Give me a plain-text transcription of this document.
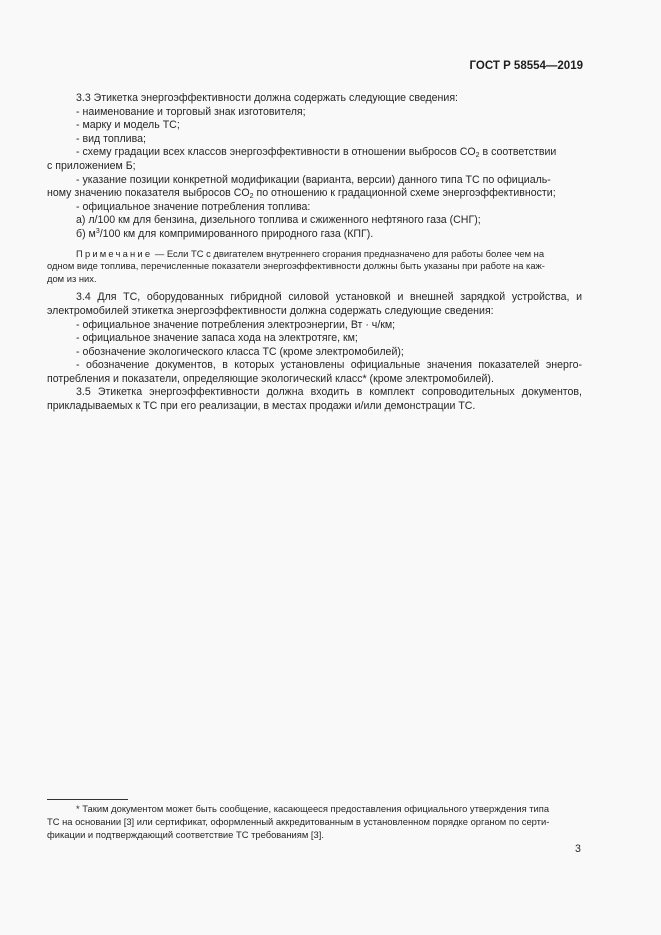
ГОСТ Р 58554—2019
3.3 Этикетка энергоэффективности должна содержать следующие сведения:
- наименование и торговый знак изготовителя;
- марку и модель ТС;
- вид топлива;
- схему градации всех классов энергоэффективности в отношении выбросов $CO_2$ в соответствии
с приложением Б;
- указание позиции конкретной модификации (варианта, версии) данного типа ТС по официаль-
ному значению показателя выбросов $CO_2$ по отношению к градационной схеме энергоэффективности;
- официальное значение потребления топлива:
а) л/100 км для бензина, дизельного топлива и сжиженного нефтяного газа (СНГ);
б) $м^3/100$ км для компримированного природного газа (КПГ).
Примечание — Если ТС с двигателем внутреннего сгорания предназначено для работы более чем на
одном виде топлива, перечисленные показатели энергоэффективности должны быть указаны при работе на каж-
дом из них.
3.4 Для ТС, оборудованных гибридной силовой установкой и внешней зарядкой устройства, и
электромобилей этикетка энергоэффективности должна содержать следующие сведения:
- официальное значение потребления электроэнергии, Вт · ч/км;
- официальное значение запаса хода на электротяге, км;
- обозначение экологического класса ТС (кроме электромобилей);
- обозначение документов, в которых установлены официальные значения показателей энерго-
потребления и показатели, определяющие экологический класс* (кроме электромобилей).
3.5 Этикетка энергоэффективности должна входить в комплект сопроводительных документов,
прикладываемых к ТС при его реализации, в местах продажи и/или демонстрации ТС.
* Таким документом может быть сообщение, касающееся предоставления официального утверждения типа
ТС на основании [3] или сертификат, оформленный аккредитованным в установленном порядке органом по серти-
фикации и подтверждающий соответствие ТС требованиям [3].
3
